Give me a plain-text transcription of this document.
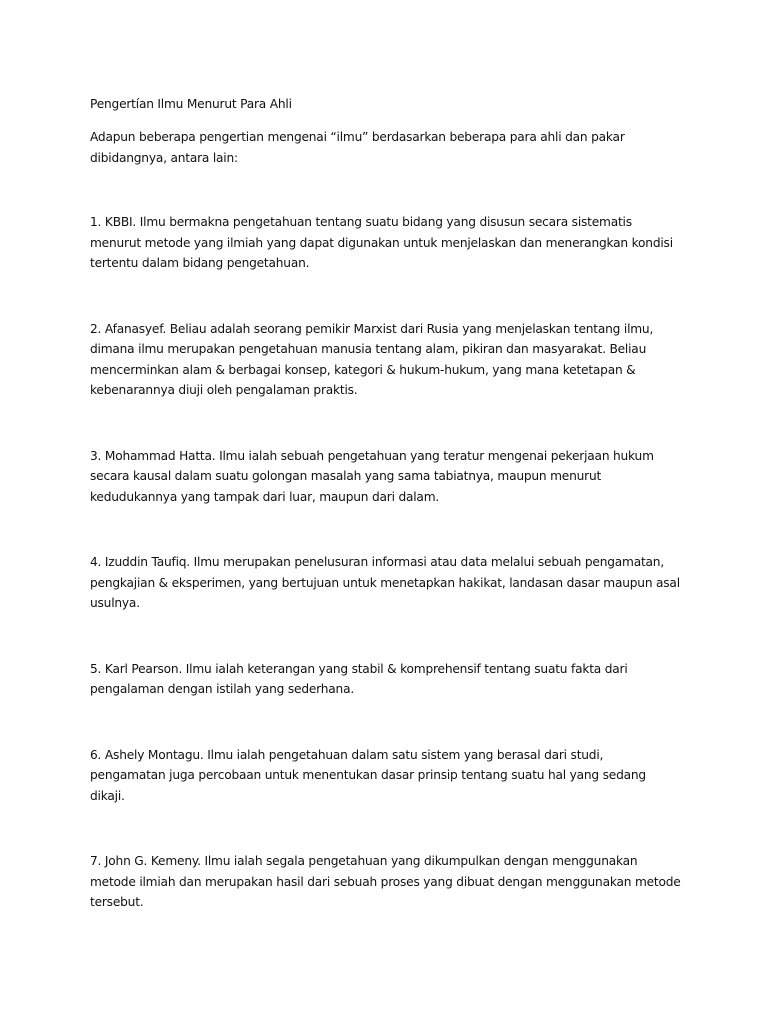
Pengertían Ilmu Menurut Para Ahli

Adapun beberapa pengertian mengenai “ilmu” berdasarkan beberapa para ahli dan pakar dibidangnya, antara lain:

1. KBBI. Ilmu bermakna pengetahuan tentang suatu bidang yang disusun secara sistematis menurut metode yang ilmiah yang dapat digunakan untuk menjelaskan dan menerangkan kondisi tertentu dalam bidang pengetahuan.

2. Afanasyef. Beliau adalah seorang pemikir Marxist dari Rusia yang menjelaskan tentang ilmu, dimana ilmu merupakan pengetahuan manusia tentang alam, pikiran dan masyarakat. Beliau mencerminkan alam & berbagai konsep, kategori & hukum-hukum, yang mana ketetapan & kebenarannya diuji oleh pengalaman praktis.

3. Mohammad Hatta. Ilmu ialah sebuah pengetahuan yang teratur mengenai pekerjaan hukum secara kausal dalam suatu golongan masalah yang sama tabiatnya, maupun menurut kedudukannya yang tampak dari luar, maupun dari dalam.

4. Izuddin Taufiq. Ilmu merupakan penelusuran informasi atau data melalui sebuah pengamatan, pengkajian & eksperimen, yang bertujuan untuk menetapkan hakikat, landasan dasar maupun asal usulnya.

5. Karl Pearson. Ilmu ialah keterangan yang stabil & komprehensif tentang suatu fakta dari pengalaman dengan istilah yang sederhana.

6. Ashely Montagu. Ilmu ialah pengetahuan dalam satu sistem yang berasal dari studi, pengamatan juga percobaan untuk menentukan dasar prinsip tentang suatu hal yang sedang dikaji.

7. John G. Kemeny. Ilmu ialah segala pengetahuan yang dikumpulkan dengan menggunakan metode ilmiah dan merupakan hasil dari sebuah proses yang dibuat dengan menggunakan metode tersebut.
